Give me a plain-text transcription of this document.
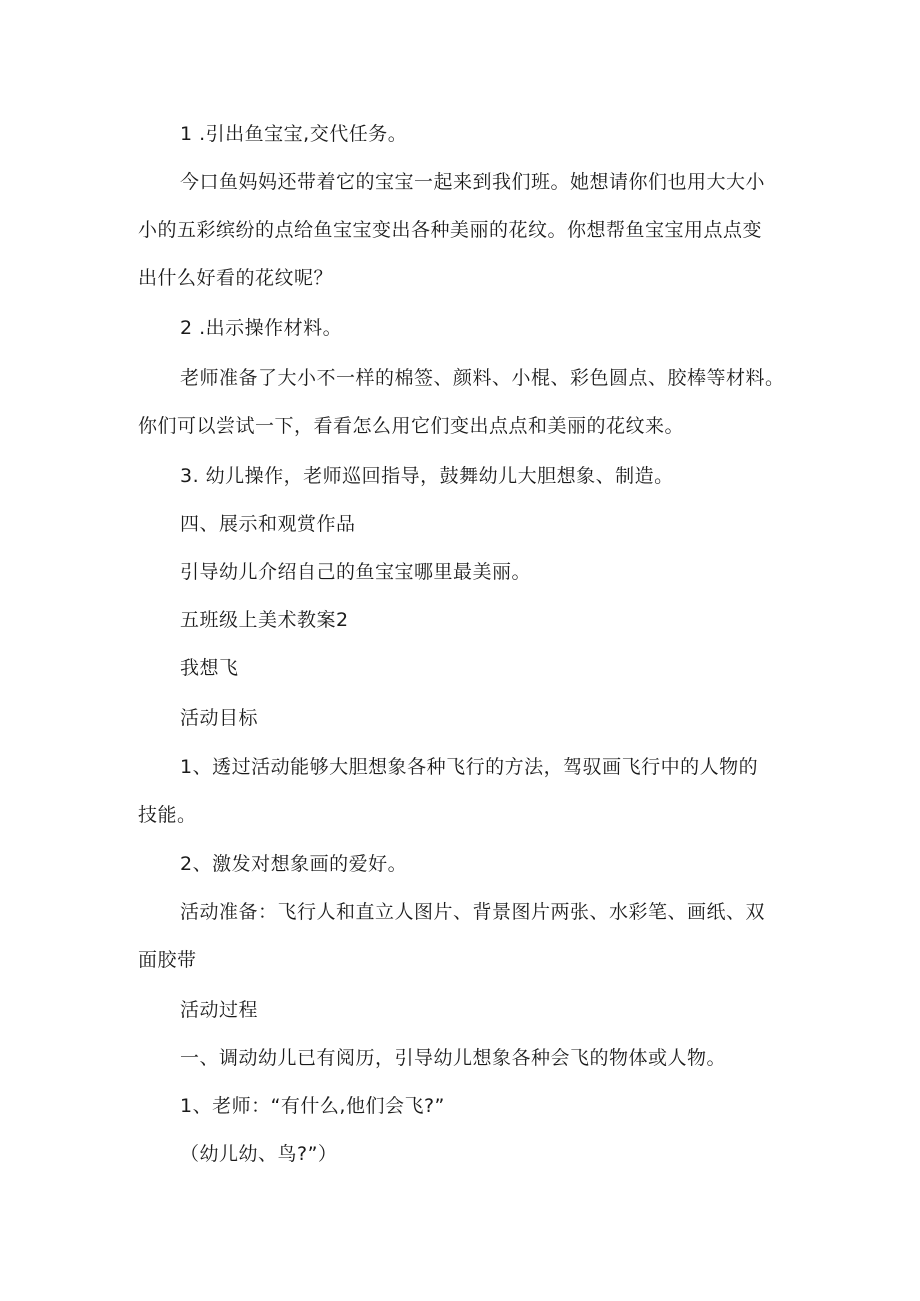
1 .引出鱼宝宝,交代任务。
今口鱼妈妈还带着它的宝宝一起来到我们班。她想请你们也用大大小
小的五彩缤纷的点给鱼宝宝变出各种美丽的花纹。你想帮鱼宝宝用点点变
出什么好看的花纹呢？
2 .出示操作材料。
老师准备了大小不一样的棉签、颜料、小棍、彩色圆点、胶棒等材料。
你们可以尝试一下，看看怎么用它们变出点点和美丽的花纹来。
3. 幼儿操作，老师巡回指导，鼓舞幼儿大胆想象、制造。
四、展示和观赏作品
引导幼儿介绍自己的鱼宝宝哪里最美丽。
五班级上美术教案2
我想飞
活动目标
1、透过活动能够大胆想象各种飞行的方法，驾驭画飞行中的人物的
技能。
2、激发对想象画的爱好。
活动准备：飞行人和直立人图片、背景图片两张、水彩笔、画纸、双
面胶带
活动过程
一、调动幼儿已有阅历，引导幼儿想象各种会飞的物体或人物。
1、老师：“有什么,他们会飞?”
（幼儿幼、鸟?”）
